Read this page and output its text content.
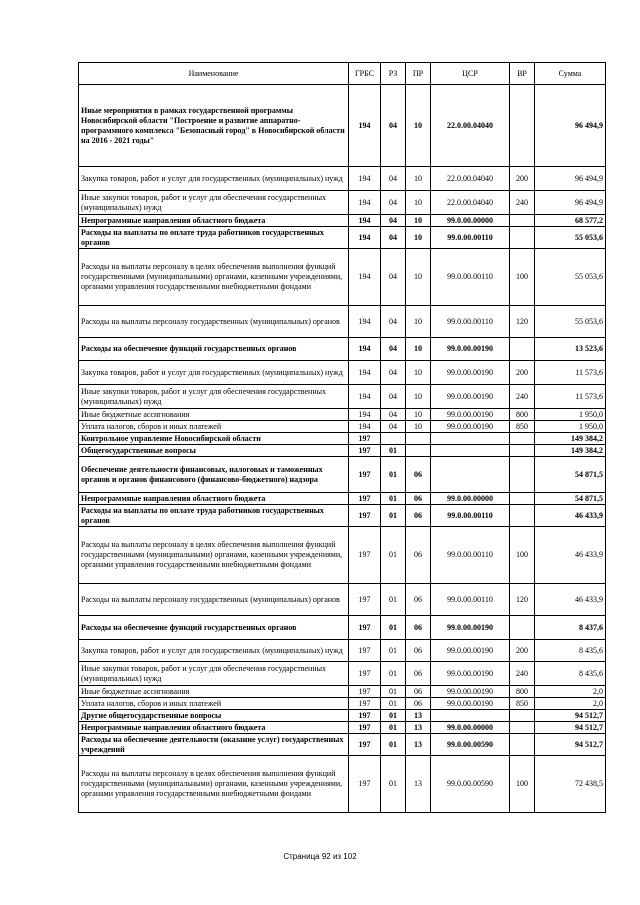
Наименование	ГРБС	РЗ	ПР	ЦСР	ВР	Сумма
Иные мероприятия в рамках государственной программы Новосибирской области "Построение и развитие аппаратно-программного комплекса "Безопасный город" в Новосибирской области на 2016 - 2021 годы"	194	04	10	22.0.00.04040		96 494,9
Закупка товаров, работ и услуг для государственных (муниципальных) нужд	194	04	10	22.0.00.04040	200	96 494,9
Иные закупки товаров, работ и услуг для обеспечения государственных (муниципальных) нужд	194	04	10	22.0.00.04040	240	96 494,9
Непрограммные направления областного бюджета	194	04	10	99.0.00.00000		68 577,2
Расходы на выплаты по оплате труда работников государственных органов	194	04	10	99.0.00.00110		55 053,6
Расходы на выплаты персоналу в целях обеспечения выполнения функций государственными (муниципальными) органами, казенными учреждениями, органами управления государственными внебюджетными фондами	194	04	10	99.0.00.00110	100	55 053,6
Расходы на выплаты персоналу государственных (муниципальных) органов	194	04	10	99.0.00.00110	120	55 053,6
Расходы на обеспечение функций государственных органов	194	04	10	99.0.00.00190		13 523,6
Закупка товаров, работ и услуг для государственных (муниципальных) нужд	194	04	10	99.0.00.00190	200	11 573,6
Иные закупки товаров, работ и услуг для обеспечения государственных (муниципальных) нужд	194	04	10	99.0.00.00190	240	11 573,6
Иные бюджетные ассигнования	194	04	10	99.0.00.00190	800	1 950,0
Уплата налогов, сборов и иных платежей	194	04	10	99.0.00.00190	850	1 950,0
Контрольное управление Новосибирской области	197					149 384,2
Общегосударственные вопросы	197	01				149 384,2
Обеспечение деятельности финансовых, налоговых и таможенных органов и органов финансового (финансово-бюджетного) надзора	197	01	06			54 871,5
Непрограммные направления областного бюджета	197	01	06	99.0.00.00000		54 871,5
Расходы на выплаты по оплате труда работников государственных органов	197	01	06	99.0.00.00110		46 433,9
Расходы на выплаты персоналу в целях обеспечения выполнения функций государственными (муниципальными) органами, казенными учреждениями, органами управления государственными внебюджетными фондами	197	01	06	99.0.00.00110	100	46 433,9
Расходы на выплаты персоналу государственных (муниципальных) органов	197	01	06	99.0.00.00110	120	46 433,9
Расходы на обеспечение функций государственных органов	197	01	06	99.0.00.00190		8 437,6
Закупка товаров, работ и услуг для государственных (муниципальных) нужд	197	01	06	99.0.00.00190	200	8 435,6
Иные закупки товаров, работ и услуг для обеспечения государственных (муниципальных) нужд	197	01	06	99.0.00.00190	240	8 435,6
Иные бюджетные ассигнования	197	01	06	99.0.00.00190	800	2,0
Уплата налогов, сборов и иных платежей	197	01	06	99.0.00.00190	850	2,0
Другие общегосударственные вопросы	197	01	13			94 512,7
Непрограммные направления областного бюджета	197	01	13	99.0.00.00000		94 512,7
Расходы на обеспечение деятельности (оказание услуг) государственных учреждений	197	01	13	99.0.00.00590		94 512,7
Расходы на выплаты персоналу в целях обеспечения выполнения функций государственными (муниципальными) органами, казенными учреждениями, органами управления государственными внебюджетными фондами	197	01	13	99.0.00.00590	100	72 438,5
Страница 92 из 102
